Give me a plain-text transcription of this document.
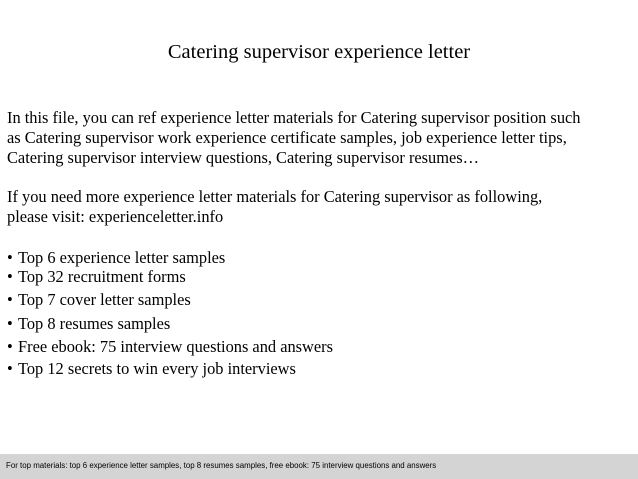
Catering supervisor experience letter

In this file, you can ref experience letter materials for Catering supervisor position such
as Catering supervisor work experience certificate samples, job experience letter tips,
Catering supervisor interview questions, Catering supervisor resumes…

If you need more experience letter materials for Catering supervisor as following,
please visit: experienceletter.info

• Top 6 experience letter samples
• Top 32 recruitment forms
• Top 7 cover letter samples
• Top 8 resumes samples
• Free ebook: 75 interview questions and answers
• Top 12 secrets to win every job interviews
For top materials: top 6 experience letter samples, top 8 resumes samples, free ebook: 75 interview questions and answers
